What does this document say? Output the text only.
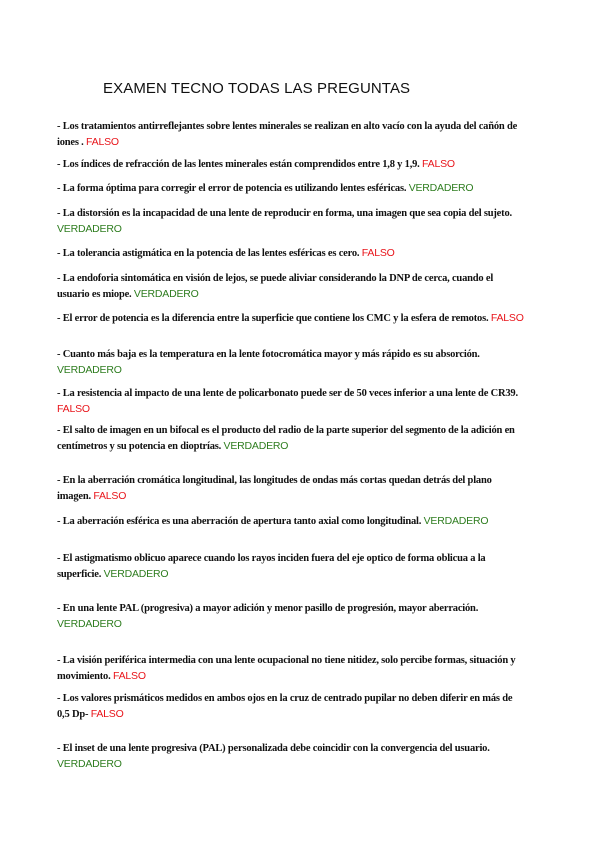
EXAMEN TECNO TODAS LAS PREGUNTAS
- Los tratamientos antirreflejantes sobre lentes minerales se realizan en alto vacío con la ayuda del cañón de iones . FALSO
- Los índices de refracción de las lentes minerales están comprendidos entre 1,8 y 1,9. FALSO
- La forma óptima para corregir el error de potencia es utilizando lentes esféricas. VERDADERO
- La distorsión es la incapacidad de una lente de reproducir en forma, una imagen que sea copia del sujeto. VERDADERO
- La tolerancia astigmática en la potencia de las lentes esféricas es cero. FALSO
- La endoforia sintomática en visión de lejos, se puede aliviar considerando la DNP de cerca, cuando el usuario es miope. VERDADERO
- El error de potencia es la diferencia entre la superficie que contiene los CMC y la esfera de remotos. FALSO
- Cuanto más baja es la temperatura en la lente fotocromática mayor y más rápido es su absorción. VERDADERO
- La resistencia al impacto de una lente de policarbonato puede ser de 50 veces inferior a una lente de CR39. FALSO
- El salto de imagen en un bifocal es el producto del radio de la parte superior del segmento de la adición en centímetros y su potencia en dioptrías. VERDADERO
- En la aberración cromática longitudinal, las longitudes de ondas más cortas quedan detrás del plano imagen. FALSO
- La aberración esférica es una aberración de apertura tanto axial como longitudinal. VERDADERO
- El astigmatismo oblicuo aparece cuando los rayos inciden fuera del eje optico de forma oblicua a la superficie. VERDADERO
- En una lente PAL (progresiva) a mayor adición y menor pasillo de progresión, mayor aberración. VERDADERO
- La visión periférica intermedia con una lente ocupacional no tiene nitidez, solo percibe formas, situación y movimiento. FALSO
- Los valores prismáticos medidos en ambos ojos en la cruz de centrado pupilar no deben diferir en más de 0,5 Dp- FALSO
- El inset de una lente progresiva (PAL) personalizada debe coincidir con la convergencia del usuario. VERDADERO
